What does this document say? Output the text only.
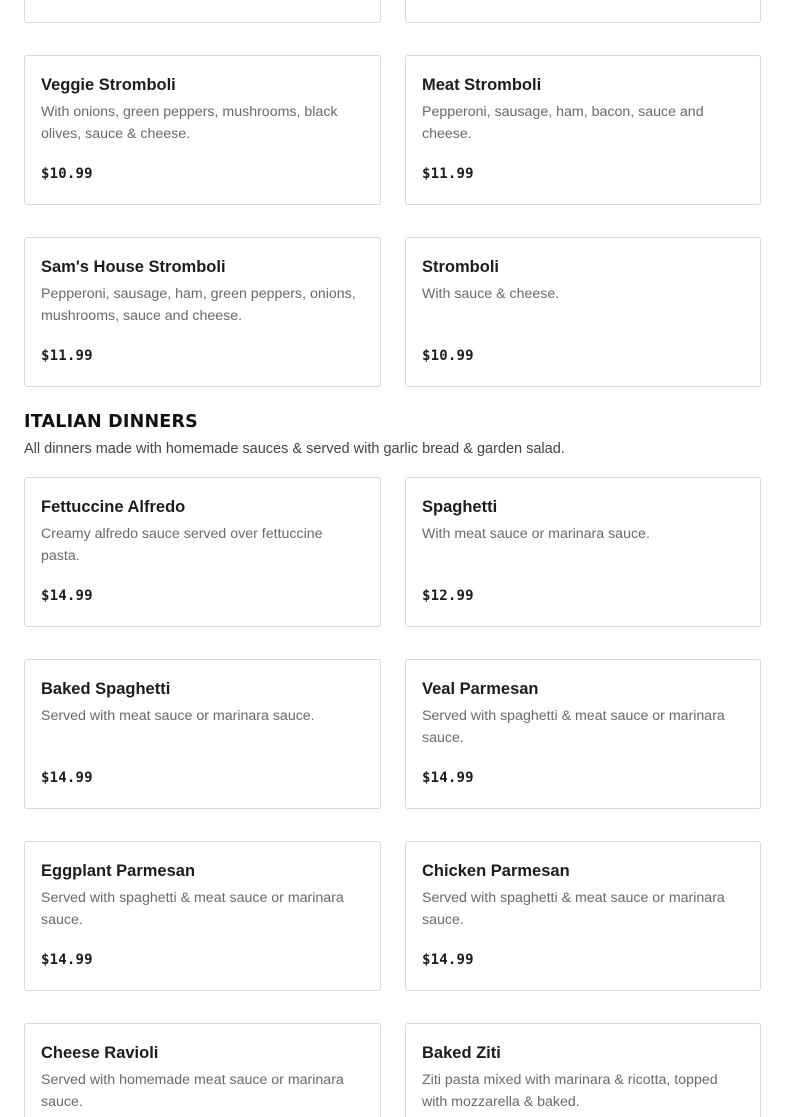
Veggie Stromboli
With onions, green peppers, mushrooms, black olives, sauce & cheese.
$10.99
Meat Stromboli
Pepperoni, sausage, ham, bacon, sauce and cheese.
$11.99
Sam's House Stromboli
Pepperoni, sausage, ham, green peppers, onions, mushrooms, sauce and cheese.
$11.99
Stromboli
With sauce & cheese.
$10.99
ITALIAN DINNERS
All dinners made with homemade sauces & served with garlic bread & garden salad.
Fettuccine Alfredo
Creamy alfredo sauce served over fettuccine pasta.
$14.99
Spaghetti
With meat sauce or marinara sauce.
$12.99
Baked Spaghetti
Served with meat sauce or marinara sauce.
$14.99
Veal Parmesan
Served with spaghetti & meat sauce or marinara sauce.
$14.99
Eggplant Parmesan
Served with spaghetti & meat sauce or marinara sauce.
$14.99
Chicken Parmesan
Served with spaghetti & meat sauce or marinara sauce.
$14.99
Cheese Ravioli
Served with homemade meat sauce or marinara sauce.
Baked Ziti
Ziti pasta mixed with marinara & ricotta, topped with mozzarella & baked.
